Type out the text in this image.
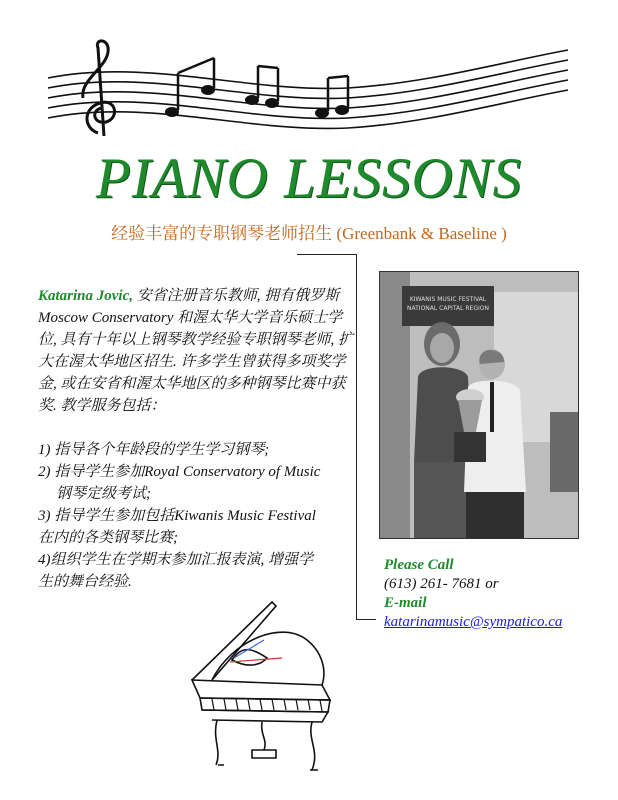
PIANO LESSONS
经验丰富的专职钢琴老师招生 (Greenbank & Baseline )

Katarina Jovic, 安省注册音乐教师, 拥有俄罗斯Moscow Conservatory 和渥太华大学音乐硕士学位, 具有十年以上钢琴教学经验专职钢琴老师, 扩大在渥太华地区招生. 许多学生曾获得多项奖学金, 或在安省和渥太华地区的多种钢琴比赛中获奖. 教学服务包括：

1) 指导各个年龄段的学生学习钢琴;

2) 指导学生参加Royal Conservatory of Music

钢琴定级考试;

3) 指导学生参加包括Kiwanis Music Festival

在内的各类钢琴比赛;

4)组织学生在学期末参加汇报表演, 增强学

生的舞台经验.

KIWANIS MUSIC FESTIVAL
NATIONAL CAPITAL REGION
Please Call
(613) 261- 7681 or
E-mail
katarinamusic@sympatico.ca
